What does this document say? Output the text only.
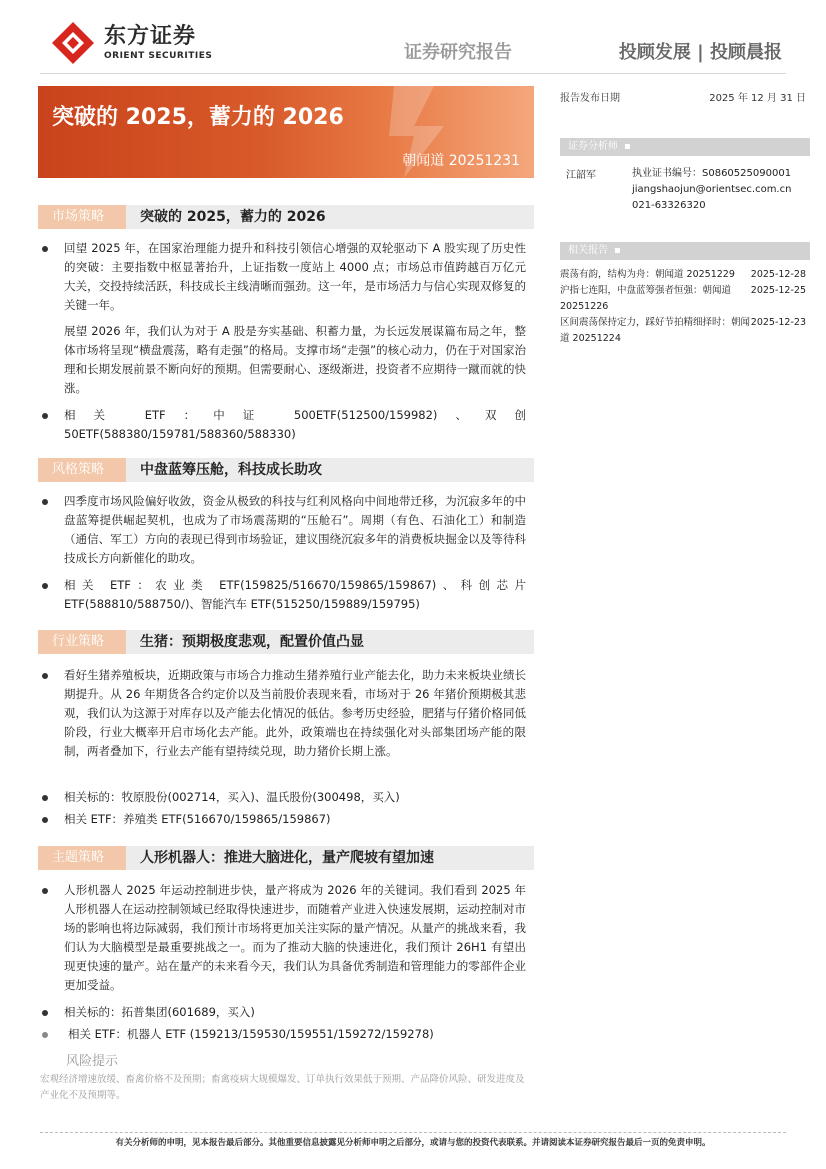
东方证券
ORIENT SECURITIES	证券研究报告	投顾发展 | 投顾晨报
突破的 2025，蓄力的 2026
朝闻道 20251231
报告发布日期	2025 年 12 月 31 日
证券分析师 ▪
江韶军	执业证书编号：S0860525090001
jiangshaojun@orientsec.com.cn
021-63326320
相关报告 ▪
震荡有韵，结构为舟：朝闻道 20251229	2025-12-28
沪指七连阳，中盘蓝筹强者恒强：朝闻道 20251226
2025-12-25
区间震荡保持定力，踩好节拍精细择时：朝闻道 20251224
2025-12-23
市场策略	突破的 2025，蓄力的 2026
回望 2025 年，在国家治理能力提升和科技引领信心增强的双轮驱动下 A 股实现了历史性的突破：主要指数中枢显著抬升，上证指数一度站上 4000 点；市场总市值跨越百万亿元大关，交投持续活跃，科技成长主线清晰而强劲。这一年，是市场活力与信心实现双修复的关键一年。
展望 2026 年，我们认为对于 A 股是夯实基础、积蓄力量，为长远发展谋篇布局之年，整体市场将呈现“横盘震荡，略有走强”的格局。支撑市场“走强”的核心动力，仍在于对国家治理和长期发展前景不断向好的预期。但需要耐心、逐级渐进，投资者不应期待一蹴而就的快涨。
相关 ETF：中证 500ETF(512500/159982)、双创 50ETF(588380/159781/588360/588330)
风格策略	中盘蓝筹压舱，科技成长助攻
四季度市场风险偏好收敛，资金从极致的科技与红利风格向中间地带迁移，为沉寂多年的中盘蓝筹提供崛起契机，也成为了市场震荡期的“压舱石”。周期（有色、石油化工）和制造（通信、军工）方向的表现已得到市场验证，建议围绕沉寂多年的消费板块掘金以及等待科技成长方向新催化的助攻。
相关 ETF：农业类 ETF(159825/516670/159865/159867)、科创芯片 ETF(588810/588750/)、智能汽车 ETF(515250/159889/159795)
行业策略	生猪：预期极度悲观，配置价值凸显
看好生猪养殖板块，近期政策与市场合力推动生猪养殖行业产能去化，助力未来板块业绩长期提升。从 26 年期货各合约定价以及当前股价表现来看，市场对于 26 年猪价预期极其悲观，我们认为这源于对库存以及产能去化情况的低估。参考历史经验，肥猪与仔猪价格同低阶段，行业大概率开启市场化去产能。此外，政策端也在持续强化对头部集团场产能的限制，两者叠加下，行业去产能有望持续兑现，助力猪价长期上涨。
相关标的：牧原股份(002714，买入)、温氏股份(300498，买入)
相关 ETF：养殖类 ETF(516670/159865/159867)
主题策略	人形机器人：推进大脑进化，量产爬坡有望加速
人形机器人 2025 年运动控制进步快，量产将成为 2026 年的关键词。我们看到 2025 年人形机器人在运动控制领域已经取得快速进步，而随着产业进入快速发展期，运动控制对市场的影响也将边际减弱，我们预计市场将更加关注实际的量产情况。从量产的挑战来看，我们认为大脑模型是最重要挑战之一。而为了推动大脑的快速进化，我们预计 26H1 有望出现更快速的量产。站在量产的未来看今天，我们认为具备优秀制造和管理能力的零部件企业更加受益。
相关标的：拓普集团(601689，买入)
相关 ETF：机器人 ETF (159213/159530/159551/159272/159278)
风险提示
宏观经济增速放缓、畜禽价格不及预期；畜禽疫病大规模爆发、订单执行效果低于预期、产品降价风险、研发进度及产业化不及预期等。
有关分析师的申明，见本报告最后部分。其他重要信息披露见分析师申明之后部分，或请与您的投资代表联系。并请阅读本证券研究报告最后一页的免责申明。
